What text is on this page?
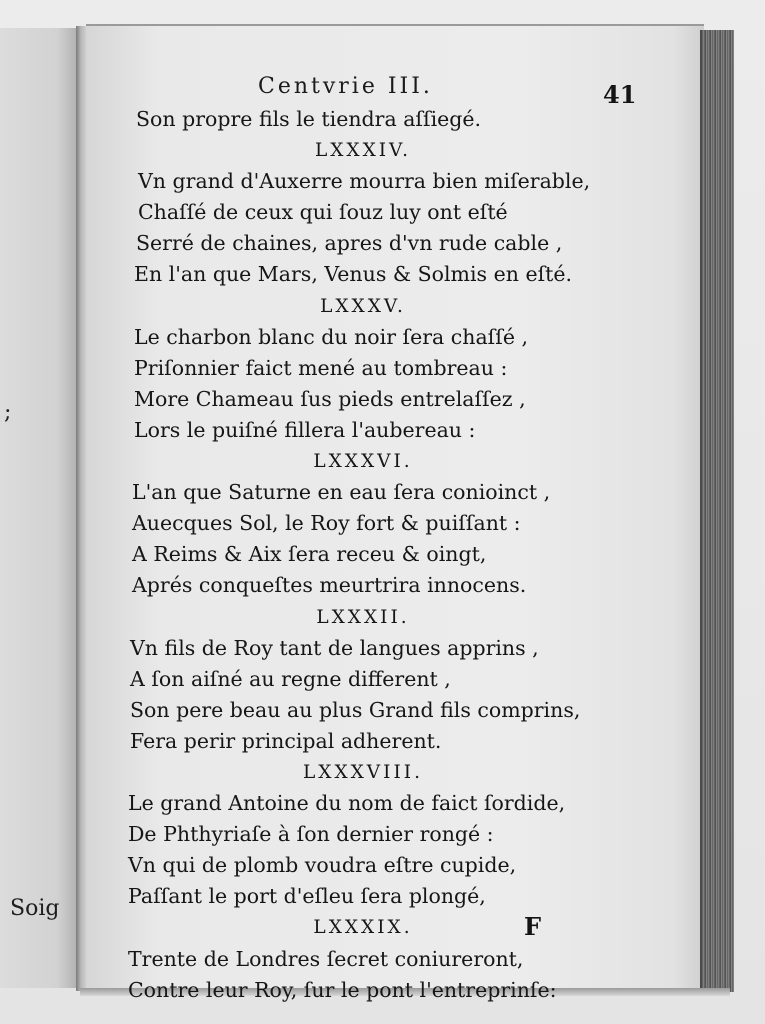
;
Soig
Centvrie III.	41
Son propre fils le tiendra aſſiegé.
LXXXIV.
Vn grand d'Auxerre mourra bien miſerable,
Chaſſé de ceux qui ſouz luy ont eſté
Serré de chaines, apres d'vn rude cable ,
En l'an que Mars, Venus & Solmis en eſté.
LXXXV.
Le charbon blanc du noir ſera chaſſé ,
Priſonnier faict mené au tombreau :
More Chameau ſus pieds entrelaſſez ,
Lors le puiſné fillera l'aubereau :
LXXXVI.
L'an que Saturne en eau ſera conioinct ,
Auecques Sol, le Roy fort & puiſſant :
A Reims & Aix ſera receu & oingt,
Aprés conqueſtes meurtrira innocens.
LXXXII.
Vn fils de Roy tant de langues apprins ,
A ſon aiſné au regne different ,
Son pere beau au plus Grand fils comprins,
Fera perir principal adherent.
LXXXVIII.
Le grand Antoine du nom de faict ſordide,
De Phthyriaſe à ſon dernier rongé :
Vn qui de plomb voudra eſtre cupide,
Paſſant le port d'eſleu ſera plongé,
LXXXIX.
Trente de Londres ſecret coniureront,
Contre leur Roy, ſur le pont l'entreprinſe:
F
